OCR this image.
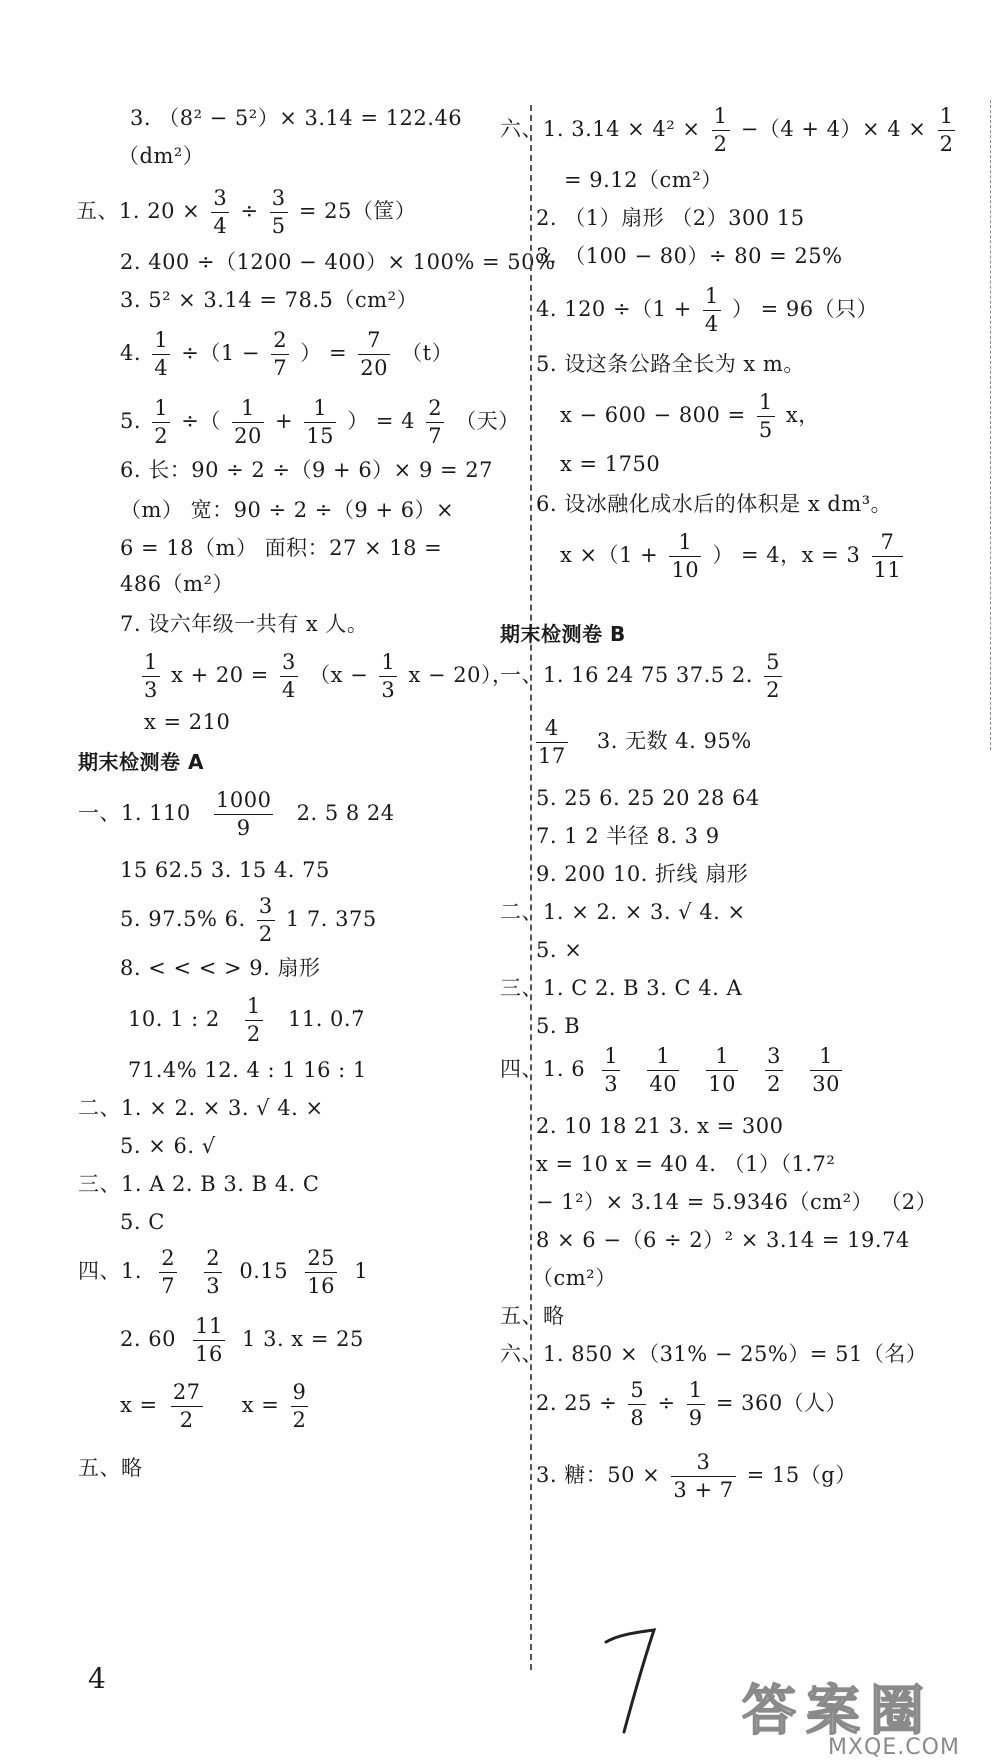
3. （8² − 5²）× 3.14 = 122.46
（dm²）
五、1. $20 \times \frac{3}{4} \div \frac{3}{5} = 25$（筐）
2. 400 ÷（1200 − 400）× 100% = 50%
3. 5² × 3.14 = 78.5（cm²）
4. $\frac{1}{4} \div(1 - \frac{2}{7}$ ） = $\frac{7}{20} (t)$
5. $\frac{1}{2}$ ÷（ $\frac{1}{20} + \frac{1}{15}$ ） = $4 \frac{2}{7}$ （天）
6. 长：90 ÷ 2 ÷（9 + 6）× 9 = 27
（m） 宽：90 ÷ 2 ÷（9 + 6）×
6 = 18（m） 面积：27 × 18 =
486（m²）
7. 设六年级一共有 x 人。
$\frac{1}{3}$ $x + 20 = \frac{3}{4} (x - \frac{1}{3}$ x − 20），
x = 210
期末检测卷 A
一、1. $110 \frac{1000}{9} 2$. 5 8 24
15 62.5 3. 15 4. 75
5. 97.5% 6. $\frac{3}{2} 1$ 7. 375
8. < < < > 9. 扇形
10. 1 : $2 \frac{1}{2} 11$. 0.7̇
71.4% 12. 4 : 1 16 : 1
二、1. × 2. × 3. √ 4. ×
5. × 6. √
三、1. A 2. B 3. B 4. C
5. C
四、1. $\frac{2}{7}$
$\frac{2}{3} 0.15 \frac{25}{16} 1$
2. $60 \frac{11}{16} 1$ 3. x = 25
$x = \frac{27}{2}$ $x = \frac{9}{2}$
五、略
六、1. $3.14 \times 4^2 \times \frac{1}{2} -(4 + 4)\times 4 \times \frac{1}{2}$
= 9.12（cm²）
2. （1）扇形 （2）300 15
3. （100 − 80）÷ 80 = 25%
4. $120 \div(1 + \frac{1}{4}$ ） = 96（只）
5. 设这条公路全长为 x m。
$x - 600 - 800 = \frac{1}{5}$ x，
x = 1750
6. 设冰融化成水后的体积是 x dm³。
$x \times(1 + \frac{1}{10}$ ） = 4，$x = 3 \frac{7}{11}$
期末检测卷 B
一、1. 16 24 75 37.5 2. $\frac{5}{2}$
$\frac{4}{17} 3$. 无数 4. 95%
5. 25 6. 25 20 28 64
7. 1 2 半径 8. 3 9
9. 200 10. 折线 扇形
二、1. × 2. × 3. √ 4. ×
5. ×
三、1. C 2. B 3. C 4. A
5. B
四、1. $6 \frac{1}{3}$
$\frac{1}{40}$
$\frac{1}{10}$
$\frac{3}{2}$
$\frac{1}{30}$
2. 10 18 21 3. x = 300
x = 10 x = 40 4. （1）（1.7²
− 1²）× 3.14 = 5.9346（cm²） （2）
8 × 6 −（6 ÷ 2）² × 3.14 = 19.74
（cm²）
五、略
六、1. 850 ×（31% − 25%）= 51（名）
2. $25 \div \frac{5}{8} \div \frac{1}{9} = 360$（人）
3. 糖：$50 \times \frac{3}{3 + 7} = 15(g)$
4
答 案 圈
MXQE.COM
